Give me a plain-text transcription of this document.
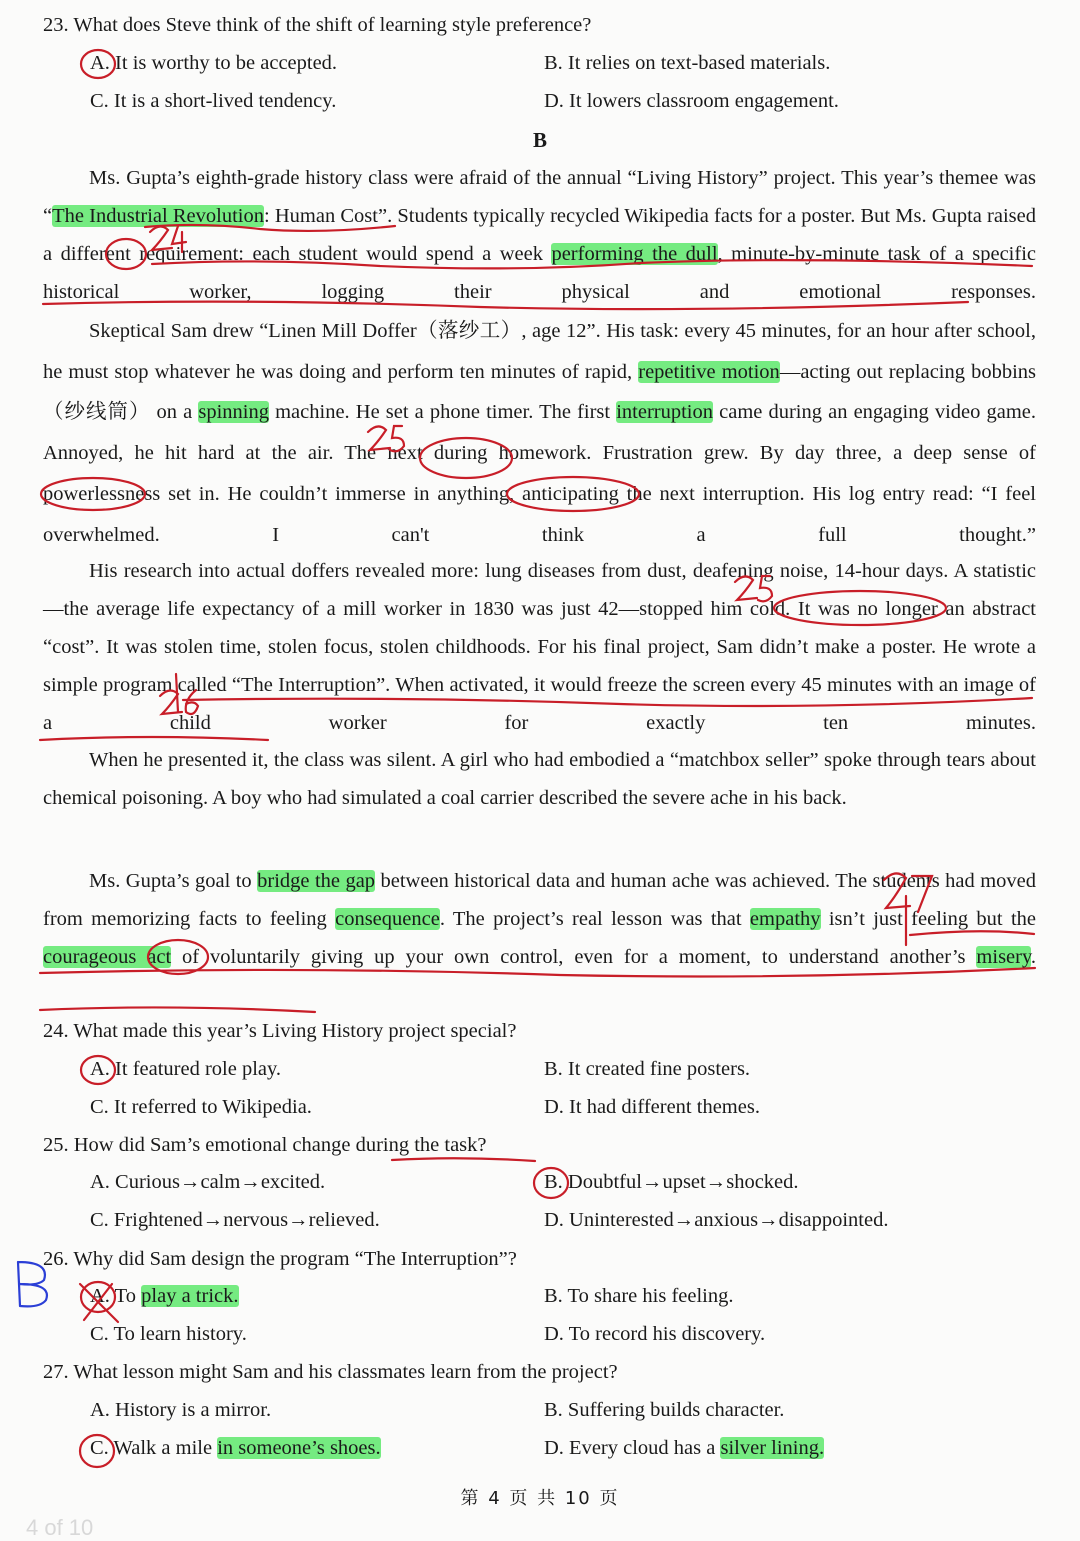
23. What does Steve think of the shift of learning style preference?
A. It is worthy to be accepted.	B. It relies on text-based materials.
C. It is a short-lived tendency.	D. It lowers classroom engagement.
B
Ms. Gupta’s eighth-grade history class were afraid of the annual “Living History” project. This year’s themee was “The Industrial Revolution: Human Cost”. Students typically recycled Wikipedia facts for a poster. But Ms. Gupta raised a different requirement: each student would spend a week performing the dull, minute-by-minute task of a specific historical worker, logging their physical and emotional responses.
Skeptical Sam drew “Linen Mill Doffer（落纱工）, age 12”. His task: every 45 minutes, for an hour after school, he must stop whatever he was doing and perform ten minutes of rapid, repetitive motion—acting out replacing bobbins（纱线筒） on a spinning machine. He set a phone timer. The first interruption came during an engaging video game. Annoyed, he hit hard at the air. The next during homework. Frustration grew. By day three, a deep sense of powerlessness set in. He couldn’t immerse in anything, anticipating the next interruption. His log entry read: “I feel overwhelmed. I can't think a full thought.”
His research into actual doffers revealed more: lung diseases from dust, deafening noise, 14-hour days. A statistic—the average life expectancy of a mill worker in 1830 was just 42—stopped him cold. It was no longer an abstract “cost”. It was stolen time, stolen focus, stolen childhoods. For his final project, Sam didn’t make a poster. He wrote a simple program called “The Interruption”. When activated, it would freeze the screen every 45 minutes with an image of a child worker for exactly ten minutes.
When he presented it, the class was silent. A girl who had embodied a “matchbox seller” spoke through tears about chemical poisoning. A boy who had simulated a coal carrier described the severe ache in his back.
Ms. Gupta’s goal to bridge the gap between historical data and human ache was achieved. The students had moved from memorizing facts to feeling consequence. The project’s real lesson was that empathy isn’t just feeling but the courageous act of voluntarily giving up your own control, even for a moment, to understand another’s misery.
24. What made this year’s Living History project special?
A. It featured role play.	B. It created fine posters.
C. It referred to Wikipedia.	D. It had different themes.
25. How did Sam’s emotional change during the task?
A. Curious→calm→excited.	B. Doubtful→upset→shocked.
C. Frightened→nervous→relieved.	D. Uninterested→anxious→disappointed.
26. Why did Sam design the program “The Interruption”?
A. To play a trick.	B. To share his feeling.
C. To learn history.	D. To record his discovery.
27. What lesson might Sam and his classmates learn from the project?
A. History is a mirror.	B. Suffering builds character.
C. Walk a mile in someone’s shoes.	D. Every cloud has a silver lining.
第 4 页 共 10 页
4 of 10
